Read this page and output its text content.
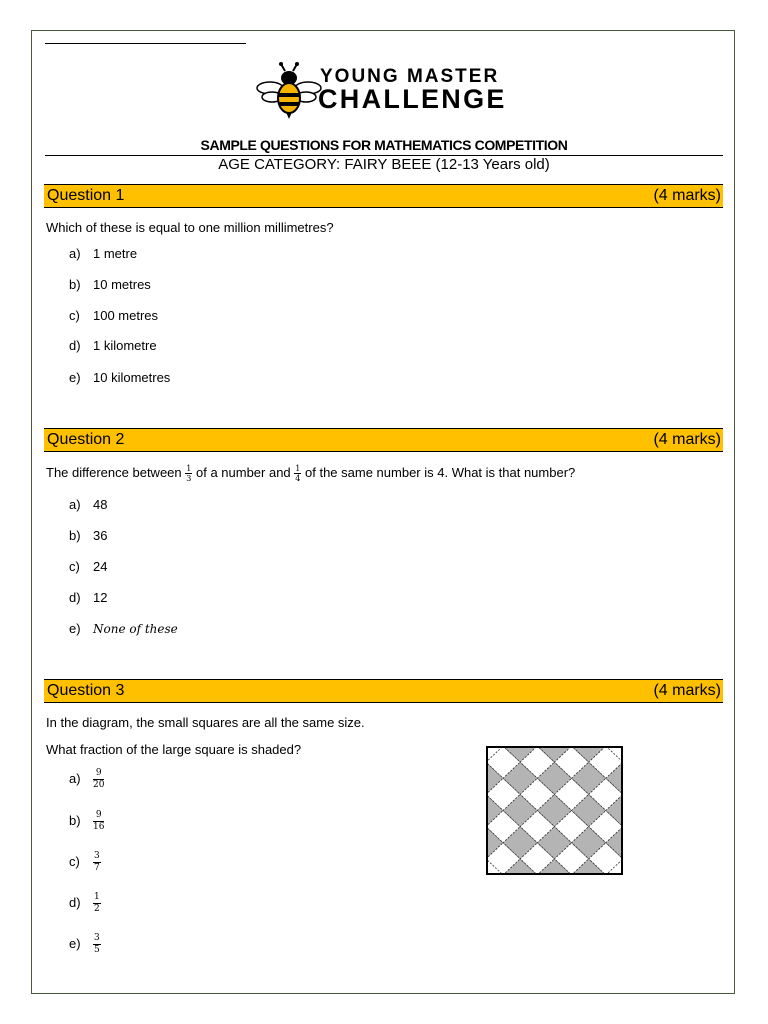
YOUNG MASTER
CHALLENGE
SAMPLE QUESTIONS FOR MATHEMATICS COMPETITION
AGE CATEGORY: FAIRY BEEE (12-13 Years old)
Question 1	(4 marks)
Which of these is equal to one million millimetres?
a) 1 metre
b) 10 metres
c) 100 metres
d) 1 kilometre
e) 10 kilometres
Question 2	(4 marks)
The difference between $\frac{1}{3}$ of a number and $\frac{1}{4}$ of the same number is 4. What is that number?
a) 48
b) 36
c) 24
d) 12
e) None of these
Question 3	(4 marks)
In the diagram, the small squares are all the same size.
What fraction of the large square is shaded?
$a) \frac{9}{20}$
$b) \frac{9}{16}$
$c) \frac{3}{7}$
$d) \frac{1}{2}$
$e) \frac{3}{5}$
